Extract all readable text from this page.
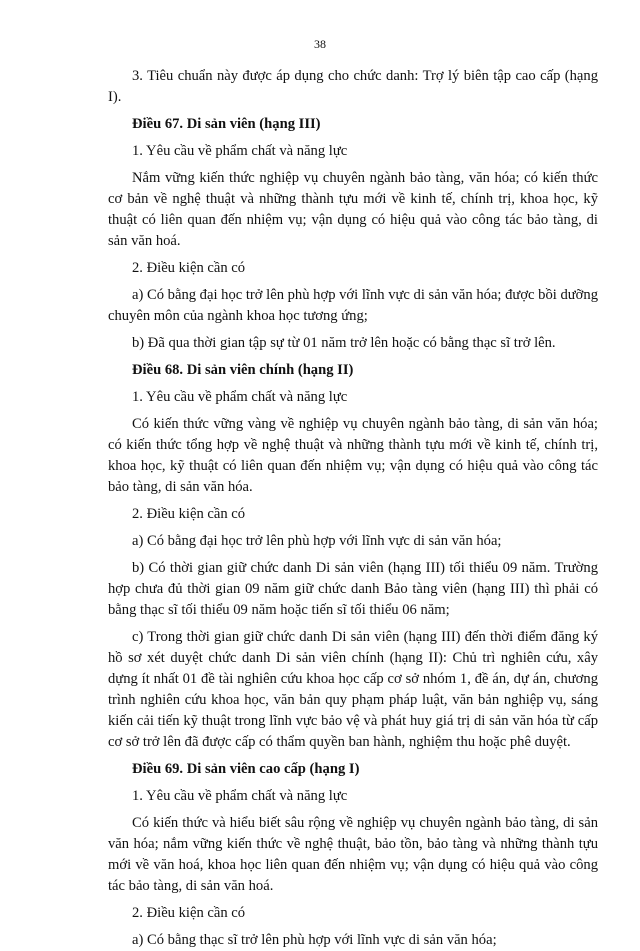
38

3. Tiêu chuẩn này được áp dụng cho chức danh: Trợ lý biên tập cao cấp (hạng I).

Điều 67. Di sản viên (hạng III)

1. Yêu cầu về phẩm chất và năng lực

Nắm vững kiến thức nghiệp vụ chuyên ngành bảo tàng, văn hóa; có kiến thức cơ bản về nghệ thuật và những thành tựu mới về kinh tế, chính trị, khoa học, kỹ thuật có liên quan đến nhiệm vụ; vận dụng có hiệu quả vào công tác bảo tàng, di sản văn hoá.

2. Điều kiện cần có

a) Có bằng đại học trở lên phù hợp với lĩnh vực di sản văn hóa; được bồi dưỡng chuyên môn của ngành khoa học tương ứng;

b) Đã qua thời gian tập sự từ 01 năm trở lên hoặc có bằng thạc sĩ trở lên.

Điều 68. Di sản viên chính (hạng II)

1. Yêu cầu về phẩm chất và năng lực

Có kiến thức vững vàng về nghiệp vụ chuyên ngành bảo tàng, di sản văn hóa; có kiến thức tổng hợp về nghệ thuật và những thành tựu mới về kinh tế, chính trị, khoa học, kỹ thuật có liên quan đến nhiệm vụ; vận dụng có hiệu quả vào công tác bảo tàng, di sản văn hóa.

2. Điều kiện cần có

a) Có bằng đại học trở lên phù hợp với lĩnh vực di sản văn hóa;

b) Có thời gian giữ chức danh Di sản viên (hạng III) tối thiểu 09 năm. Trường hợp chưa đủ thời gian 09 năm giữ chức danh Bảo tàng viên (hạng III) thì phải có bằng thạc sĩ tối thiểu 09 năm hoặc tiến sĩ tối thiểu 06 năm;

c) Trong thời gian giữ chức danh Di sản viên (hạng III) đến thời điểm đăng ký hồ sơ xét duyệt chức danh Di sản viên chính (hạng II): Chủ trì nghiên cứu, xây dựng ít nhất 01 đề tài nghiên cứu khoa học cấp cơ sở nhóm 1, đề án, dự án, chương trình nghiên cứu khoa học, văn bản quy phạm pháp luật, văn bản nghiệp vụ, sáng kiến cải tiến kỹ thuật trong lĩnh vực bảo vệ và phát huy giá trị di sản văn hóa từ cấp cơ sở trở lên đã được cấp có thẩm quyền ban hành, nghiệm thu hoặc phê duyệt.

Điều 69. Di sản viên cao cấp (hạng I)

1. Yêu cầu về phẩm chất và năng lực

Có kiến thức và hiểu biết sâu rộng về nghiệp vụ chuyên ngành bảo tàng, di sản văn hóa; nắm vững kiến thức về nghệ thuật, bảo tồn, bảo tàng và những thành tựu mới về văn hoá, khoa học liên quan đến nhiệm vụ; vận dụng có hiệu quả vào công tác bảo tàng, di sản văn hoá.

2. Điều kiện cần có

a) Có bằng thạc sĩ trở lên phù hợp với lĩnh vực di sản văn hóa;
